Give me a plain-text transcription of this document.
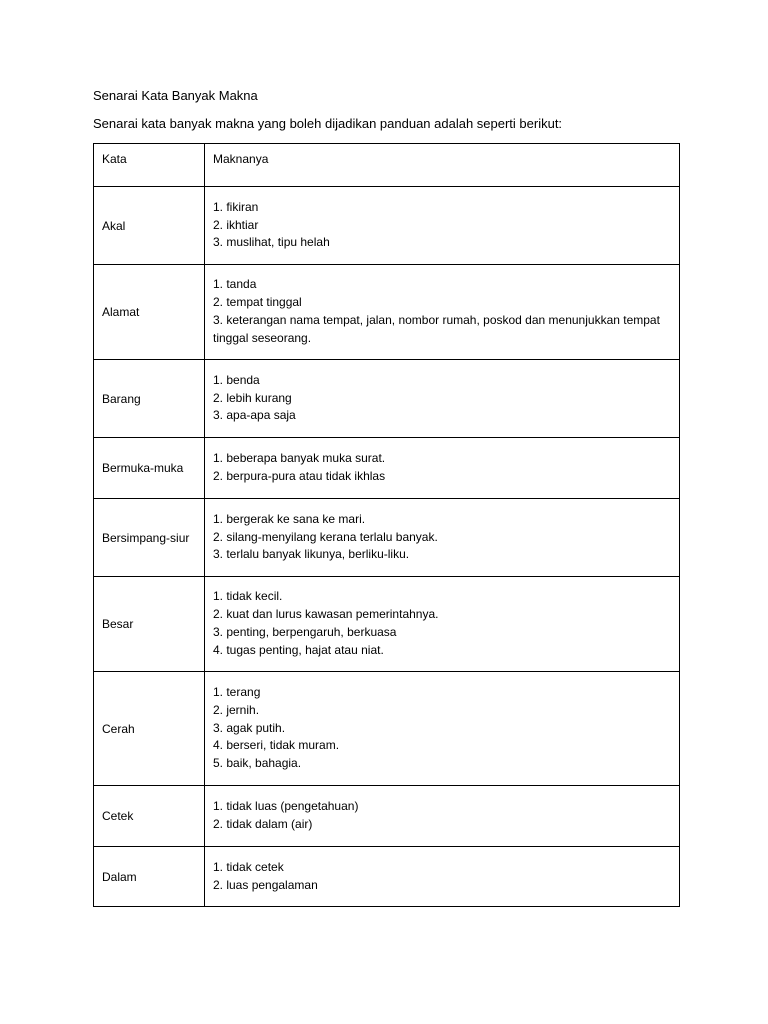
Senarai Kata Banyak Makna
Senarai kata banyak makna yang boleh dijadikan panduan adalah seperti berikut:
Kata	Maknanya
Akal	1. fikiran
2. ikhtiar
3. muslihat, tipu helah

Alamat	1. tanda
2. tempat tinggal
3. keterangan nama tempat, jalan, nombor rumah, poskod dan menunjukkan tempat tinggal seseorang.

Barang	1. benda
2. lebih kurang
3. apa-apa saja

Bermuka-muka	1. beberapa banyak muka surat.
2. berpura-pura atau tidak ikhlas

Bersimpang-siur	1. bergerak ke sana ke mari.
2. silang-menyilang kerana terlalu banyak.
3. terlalu banyak likunya, berliku-liku.

Besar	1. tidak kecil.
2. kuat dan lurus kawasan pemerintahnya.
3. penting, berpengaruh, berkuasa
4. tugas penting, hajat atau niat.

Cerah	1. terang
2. jernih.
3. agak putih.
4. berseri, tidak muram.
5. baik, bahagia.

Cetek	1. tidak luas (pengetahuan)
2. tidak dalam (air)

Dalam	1. tidak cetek
2. luas pengalaman
